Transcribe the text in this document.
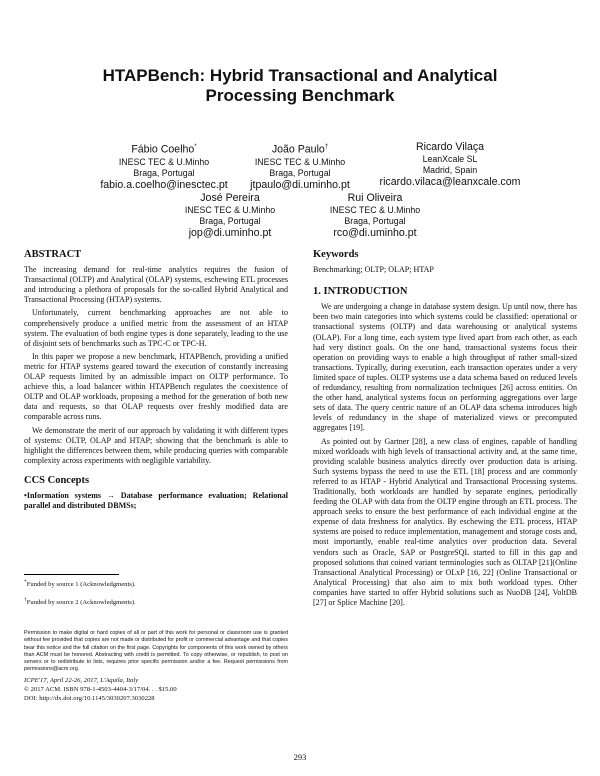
HTAPBench: Hybrid Transactional and Analytical
Processing Benchmark
Fábio Coelho*
INESC TEC & U.Minho
Braga, Portugal
fabio.a.coelho@inesctec.pt
João Paulo†
INESC TEC & U.Minho
Braga, Portugal
jtpaulo@di.uminho.pt
Ricardo Vilaça
LeanXcale SL
Madrid, Spain
ricardo.vilaca@leanxcale.com
José Pereira
INESC TEC & U.Minho
Braga, Portugal
jop@di.uminho.pt
Rui Oliveira
INESC TEC & U.Minho
Braga, Portugal
rco@di.uminho.pt
ABSTRACT

The increasing demand for real-time analytics requires the fusion of Transactional (OLTP) and Analytical (OLAP) systems, eschewing ETL processes and introducing a plethora of proposals for the so-called Hybrid Analytical and Transactional Processing (HTAP) systems.

Unfortunately, current benchmarking approaches are not able to comprehensively produce a unified metric from the assessment of an HTAP system. The evaluation of both engine types is done separately, leading to the use of disjoint sets of benchmarks such as TPC-C or TPC-H.

In this paper we propose a new benchmark, HTAPBench, providing a unified metric for HTAP systems geared toward the execution of constantly increasing OLAP requests limited by an admissible impact on OLTP performance. To achieve this, a load balancer within HTAPBench regulates the coexistence of OLTP and OLAP workloads, proposing a method for the generation of both new data and requests, so that OLAP requests over freshly modified data are comparable across runs.

We demonstrate the merit of our approach by validating it with different types of systems: OLTP, OLAP and HTAP; showing that the benchmark is able to highlight the differences between them, while producing queries with comparable complexity across experiments with negligible variability.

CCS Concepts
•Information systems → Database performance evaluation; Relational parallel and distributed DBMSs;
*Funded by source 1 (Acknowledgments).
†Funded by source 2 (Acknowledgments).
Permission to make digital or hard copies of all or part of this work for personal or classroom use is granted without fee provided that copies are not made or distributed for profit or commercial advantage and that copies bear this notice and the full citation on the first page. Copyrights for components of this work owned by others than ACM must be honored. Abstracting with credit is permitted. To copy otherwise, or republish, to post on servers or to redistribute to lists, requires prior specific permission and/or a fee. Request permissions from permissions@acm.org.
ICPE'17, April 22-26, 2017, L'Aquila, Italy
© 2017 ACM. ISBN 978-1-4503-4404-3/17/04. . . $15.00
DOI: http://dx.doi.org/10.1145/3030207.3030228
Keywords

Benchmarking; OLTP; OLAP; HTAP

1. INTRODUCTION

We are undergoing a change in database system design. Up until now, there has been two main categories into which systems could be classified: operational or transactional systems (OLTP) and data warehousing or analytical systems (OLAP). For a long time, each system type lived apart from each other, as each had very distinct goals. On the one hand, transactional systems focus their operation on providing ways to enable a high throughput of rather small-sized transactions. Typically, during execution, each transaction operates under a very limited space of tuples. OLTP systems use a data schema based on reduced levels of redundancy, resulting from normalization techniques [26] across entities. On the other hand, analytical systems focus on performing aggregations over large sets of data. The query centric nature of an OLAP data schema introduces high levels of redundancy in the shape of materialized views or precomputed aggregates [19].

As pointed out by Gartner [28], a new class of engines, capable of handling mixed workloads with high levels of transactional activity and, at the same time, providing scalable business analytics directly over production data is arising. Such systems bypass the need to use the ETL [18] process and are commonly referred to as HTAP - Hybrid Analytical and Transactional Processing systems. Traditionally, both workloads are handled by separate engines, periodically feeding the OLAP with data from the OLTP engine through an ETL process. The approach seeks to ensure the best performance of each individual engine at the expense of data freshness for analytics. By eschewing the ETL process, HTAP systems are poised to reduce implementation, management and storage costs and, most importantly, enable real-time analytics over production data. Several vendors such as Oracle, SAP or PostgreSQL started to fill in this gap and proposed solutions that coined variant terminologies such as OLTAP [21](Online Transactional Analytical Processing) or OLxP [16, 22] (Online Transactional or Analytical Processing) that also aim to mix both workload types. Other companies have started to offer Hybrid solutions such as NuoDB [24], VoltDB [27] or Splice Machine [20].

293
